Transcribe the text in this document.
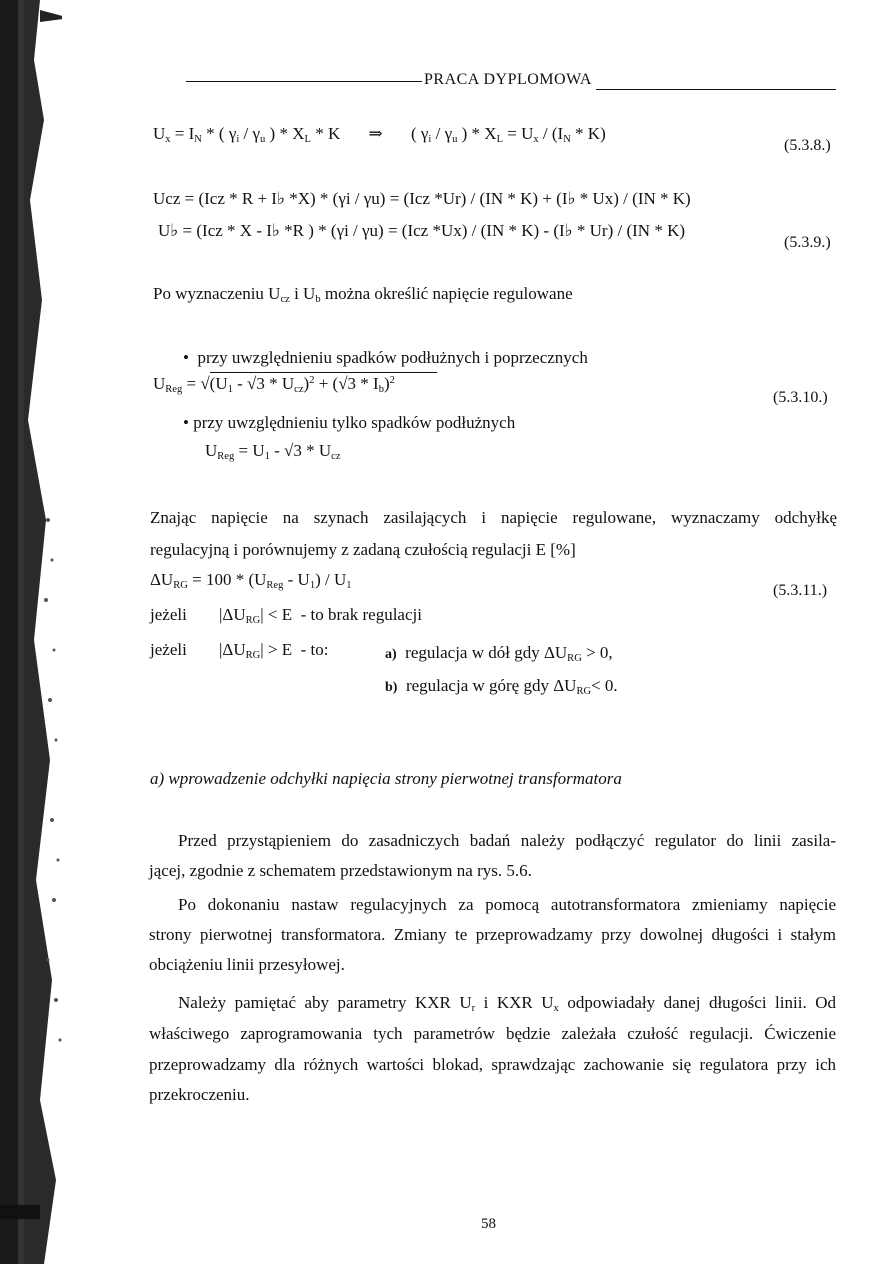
PRACA DYPLOMOWA
$U_x = I_N$ * ( $\gamma_i / \gamma_u$ ) * $X_L$ * K ⇒ ( $\gamma_i / \gamma_u$ ) * $X_L = U_x / (I_N * K)$
(5.3.8.)
Uсz = (Iсz * R + I♭ *X) * (γi / γu) = (Iсz *Ur) / (IN * K) + (I♭ * Ux) / (IN * K)
U♭ = (Iсz * X - I♭ *R ) * (γi / γu) = (Iсz *Ux) / (IN * K) - (I♭ * Ur) / (IN * K)
(5.3.9.)
Po wyznaczeniu $U_{cz}$ i $U_b$ można określić napięcie regulowane
• przy uwzględnieniu spadków podłużnych i poprzecznych
$U_{Reg} = √(U_1 - √3 * U_{cz})^2 + (√3 * I_b)^2$
(5.3.10.)
• przy uwzględnieniu tylko spadków podłużnych
$U_{Reg} = U_1 - √3 * U_{cz}$
Znając napięcie na szynach zasilających i napięcie regulowane, wyznaczamy odchyłkę
regulacyjną i porównujemy z zadaną czułością regulacji E [%]
$\Delta U_{RG} = 100 * (U_{Reg} - U_1) / U_1$	(5.3.11.)
jeżeli $|\Delta U_{RG}| < E$ - to brak regulacji
jeżeli $|\Delta U_{RG}| > E$ - to:	a) regulacja w dół gdy $\Delta U_{RG} > 0$,
b) regulacja w górę gdy $\Delta U_{RG}< 0$.
a) wprowadzenie odchyłki napięcia strony pierwotnej transformatora
Przed przystąpieniem do zasadniczych badań należy podłączyć regulator do linii zasila-
jącej, zgodnie z schematem przedstawionym na rys. 5.6.
Po dokonaniu nastaw regulacyjnych za pomocą autotransformatora zmieniamy napięcie
strony pierwotnej transformatora. Zmiany te przeprowadzamy przy dowolnej długości i stałym
obciążeniu linii przesyłowej.
Należy pamiętać aby parametry KXR $U_r$ i KXR $U_x$ odpowiadały danej długości linii. Od
właściwego zaprogramowania tych parametrów będzie zależała czułość regulacji. Ćwiczenie
przeprowadzamy dla różnych wartości blokad, sprawdzając zachowanie się regulatora przy ich
przekroczeniu.
58
